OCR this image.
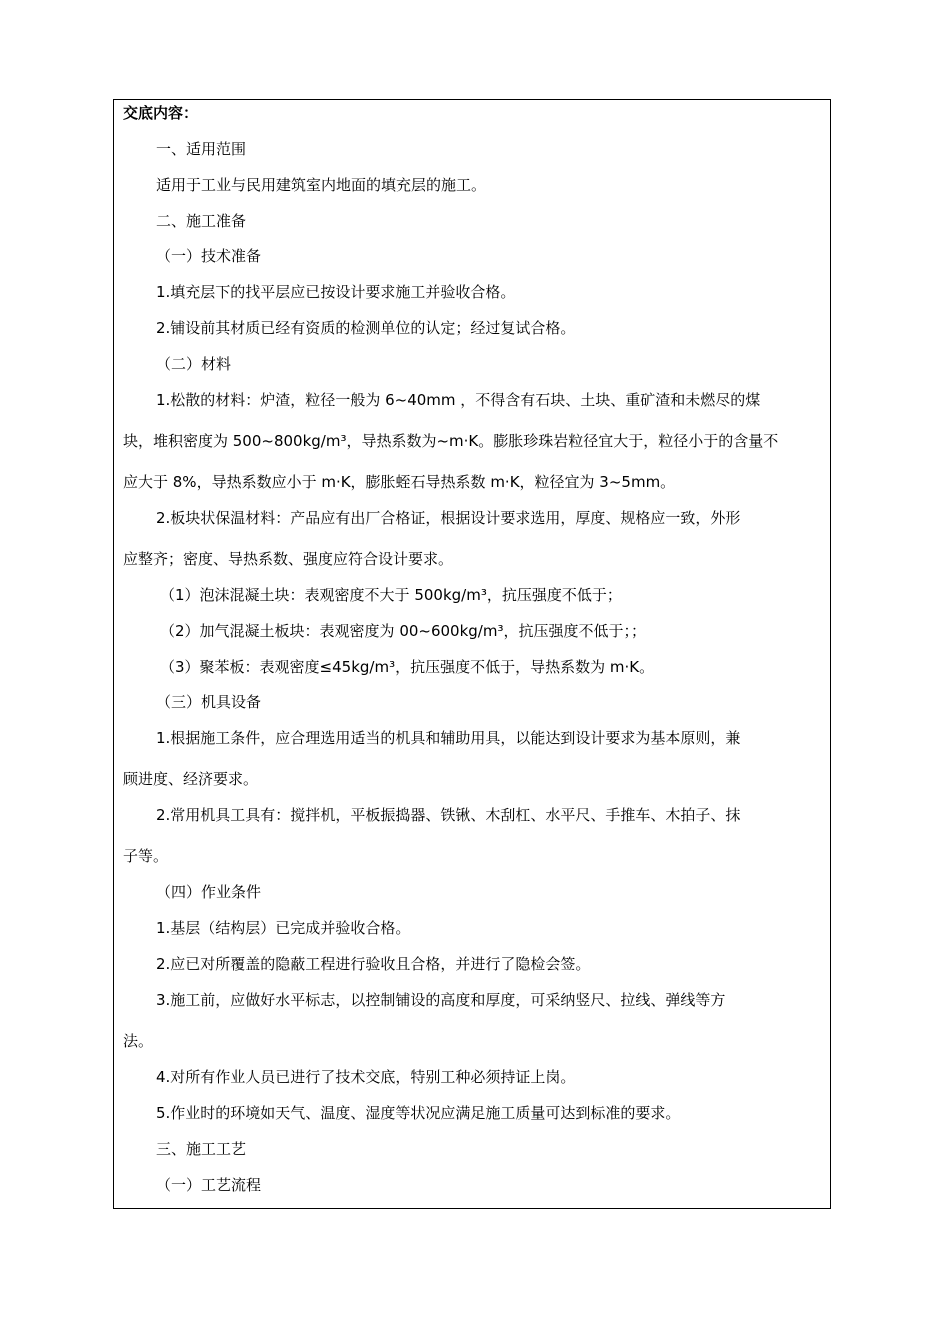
交底内容：
一、适用范围
适用于工业与民用建筑室内地面的填充层的施工。
二、施工准备
（一）技术准备
1.填充层下的找平层应已按设计要求施工并验收合格。
2.铺设前其材质已经有资质的检测单位的认定；经过复试合格。
（二）材料
1.松散的材料：炉渣，粒径一般为 6~40mm ，不得含有石块、土块、重矿渣和未燃尽的煤
块，堆积密度为 500~800kg/m³，导热系数为~m·K。膨胀珍珠岩粒径宜大于，粒径小于的含量不
应大于 8%，导热系数应小于 m·K，膨胀蛭石导热系数 m·K，粒径宜为 3~5mm。
2.板块状保温材料：产品应有出厂合格证，根据设计要求选用，厚度、规格应一致，外形
应整齐；密度、导热系数、强度应符合设计要求。
（1）泡沫混凝土块：表观密度不大于 500kg/m³，抗压强度不低于；
（2）加气混凝土板块：表观密度为 00~600kg/m³，抗压强度不低于；；
（3）聚苯板：表观密度≤45kg/m³，抗压强度不低于，导热系数为 m·K。
（三）机具设备
1.根据施工条件，应合理选用适当的机具和辅助用具，以能达到设计要求为基本原则，兼
顾进度、经济要求。
2.常用机具工具有：搅拌机，平板振捣器、铁锹、木刮杠、水平尺、手推车、木拍子、抹
子等。
（四）作业条件
1.基层（结构层）已完成并验收合格。
2.应已对所覆盖的隐蔽工程进行验收且合格，并进行了隐检会签。
3.施工前，应做好水平标志，以控制铺设的高度和厚度，可采纳竖尺、拉线、弹线等方
法。
4.对所有作业人员已进行了技术交底，特别工种必须持证上岗。
5.作业时的环境如天气、温度、湿度等状况应满足施工质量可达到标准的要求。
三、施工工艺
（一）工艺流程
